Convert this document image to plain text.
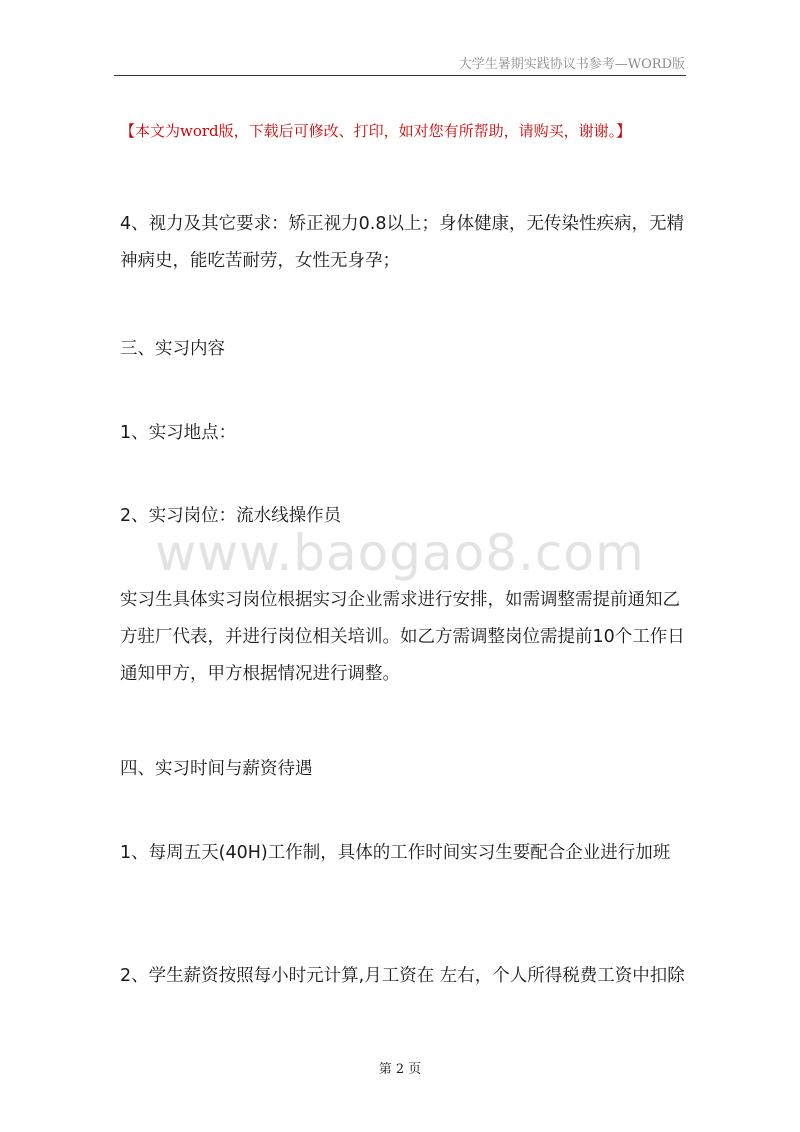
大学生暑期实践协议书参考—WORD版
【本文为word版，下载后可修改、打印，如对您有所帮助，请购买，谢谢。】

4、视力及其它要求：矫正视力0.8以上；身体健康，无传染性疾病，无精神病史，能吃苦耐劳，女性无身孕；

三、实习内容

1、实习地点：

2、实习岗位：流水线操作员

www.baogao8.com

实习生具体实习岗位根据实习企业需求进行安排，如需调整需提前通知乙方驻厂代表，并进行岗位相关培训。如乙方需调整岗位需提前10个工作日通知甲方，甲方根据情况进行调整。

四、实习时间与薪资待遇

1、每周五天(40H)工作制，具体的工作时间实习生要配合企业进行加班

2、学生薪资按照每小时元计算,月工资在 左右，个人所得税费工资中扣除

第 2 页
